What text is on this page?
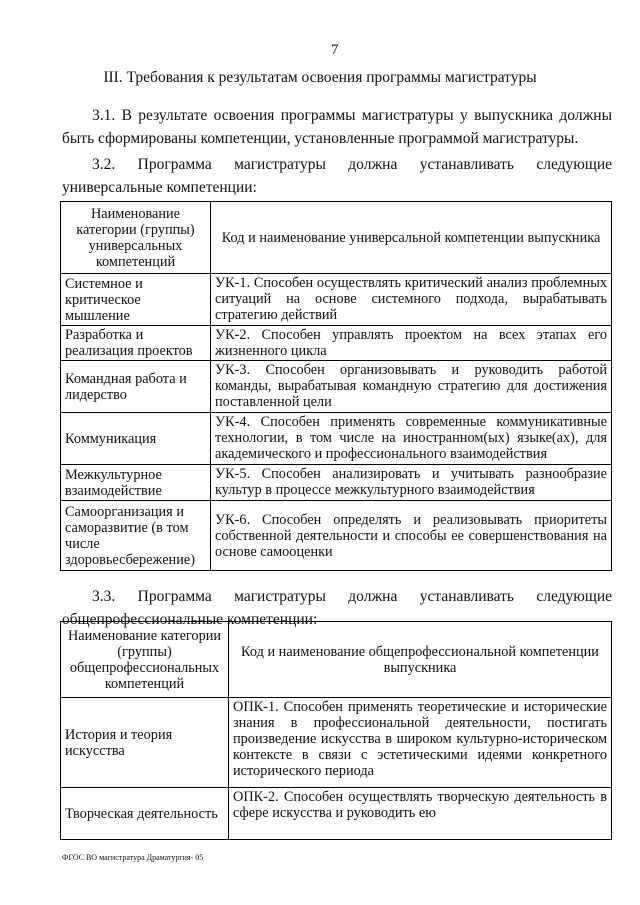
7
III. Требования к результатам освоения программы магистратуры
3.1. В результате освоения программы магистратуры у выпускника должны быть сформированы компетенции, установленные программой магистратуры.
3.2. Программа магистратуры должна устанавливать следующие универсальные компетенции:
Наименование категории (группы) универсальных компетенций	Код и наименование универсальной компетенции выпускника
Системное и критическое мышление	УК-1. Способен осуществлять критический анализ проблемных ситуаций на основе системного подхода, вырабатывать стратегию действий
Разработка и реализация проектов	УК-2. Способен управлять проектом на всех этапах его жизненного цикла
Командная работа и лидерство	УК-3. Способен организовывать и руководить работой команды, вырабатывая командную стратегию для достижения поставленной цели
Коммуникация	УК-4. Способен применять современные коммуникативные технологии, в том числе на иностранном(ых) языке(ах), для академического и профессионального взаимодействия
Межкультурное взаимодействие	УК-5. Способен анализировать и учитывать разнообразие культур в процессе межкультурного взаимодействия
Самоорганизация и саморазвитие (в том числе здоровьесбережение)	УК-6. Способен определять и реализовывать приоритеты собственной деятельности и способы ее совершенствования на основе самооценки
3.3. Программа магистратуры должна устанавливать следующие общепрофессиональные компетенции:
Наименование категории (группы) общепрофессиональных компетенций	Код и наименование общепрофессиональной компетенции выпускника
История и теория искусства	ОПК-1. Способен применять теоретические и исторические знания в профессиональной деятельности, постигать произведение искусства в широком культурно-историческом контексте в связи с эстетическими идеями конкретного исторического периода
Творческая деятельность	ОПК-2. Способен осуществлять творческую деятельность в сфере искусства и руководить ею
ФГОС ВО магистратура Драматургия- 05
